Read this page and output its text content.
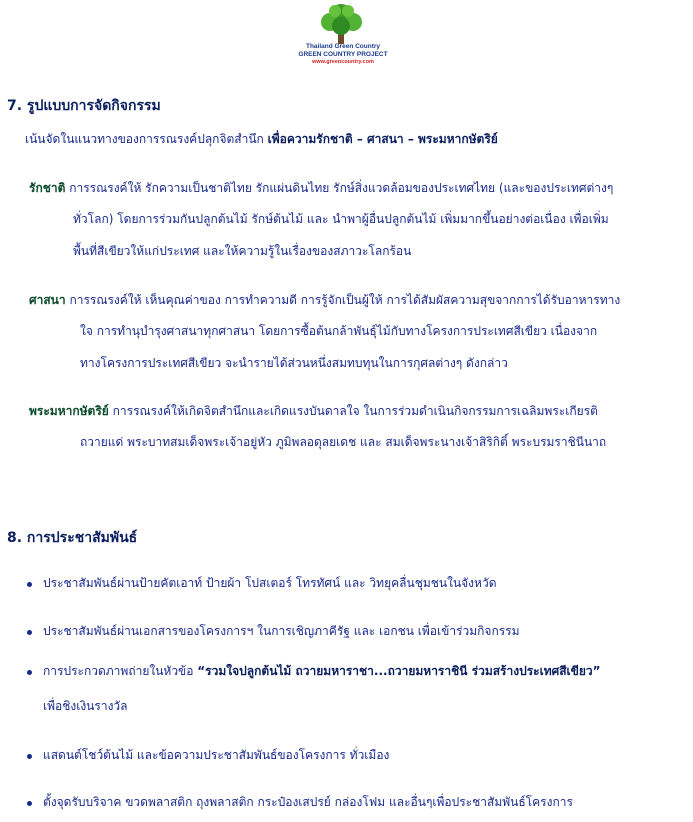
Thailand Green Country
GREEN COUNTRY PROJECT
www.greencountry.com
7. รูปแบบการจัดกิจกรรม
เน้นจัดในแนวทางของการรณรงค์ปลุกจิตสำนึก เพื่อความรักชาติ – ศาสนา – พระมหากษัตริย์
รักชาติ การรณรงค์ให้ รักความเป็นชาติไทย รักแผ่นดินไทย รักษ์สิ่งแวดล้อมของประเทศไทย (และของประเทศต่างๆ
ทั่วโลก) โดยการร่วมกันปลูกต้นไม้ รักษ์ต้นไม้ และ นำพาผู้อื่นปลูกต้นไม้ เพิ่มมากขึ้นอย่างต่อเนื่อง เพื่อเพิ่ม
พื้นที่สีเขียวให้แก่ประเทศ และให้ความรู้ในเรื่องของสภาวะโลกร้อน
ศาสนา การรณรงค์ให้ เห็นคุณค่าของ การทำความดี การรู้จักเป็นผู้ให้ การได้สัมผัสความสุขจากการได้รับอาหารทาง
ใจ การทำนุบำรุงศาสนาทุกศาสนา โดยการซื้อต้นกล้าพันธุ์ไม้กับทางโครงการประเทศสีเขียว เนื่องจาก
ทางโครงการประเทศสีเขียว จะนำรายได้ส่วนหนึ่งสมทบทุนในการกุศลต่างๆ ดังกล่าว
พระมหากษัตริย์ การรณรงค์ให้เกิดจิตสำนึกและเกิดแรงบันดาลใจ ในการร่วมดำเนินกิจกรรมการเฉลิมพระเกียรติ
ถวายแด่ พระบาทสมเด็จพระเจ้าอยู่หัว ภูมิพลอดุลยเดช และ สมเด็จพระนางเจ้าสิริกิติ์ พระบรมราชินีนาถ
8. การประชาสัมพันธ์
ประชาสัมพันธ์ผ่านป้ายคัตเอาท์ ป้ายผ้า โปสเตอร์ โทรทัศน์ และ วิทยุคลื่นชุมชนในจังหวัด
ประชาสัมพันธ์ผ่านเอกสารของโครงการฯ ในการเชิญภาคีรัฐ และ เอกชน เพื่อเข้าร่วมกิจกรรม
การประกวดภาพถ่ายในหัวข้อ “รวมใจปลูกต้นไม้ ถวายมหาราชา...ถวายมหาราชินี ร่วมสร้างประเทศสีเขียว”
เพื่อชิงเงินรางวัล
แสดนต์โชว์ต้นไม้ และข้อความประชาสัมพันธ์ของโครงการ ทั่วเมือง
ตั้งจุดรับบริจาค ขวดพลาสติก ถุงพลาสติก กระป๋องเสปรย์ กล่องโฟม และอื่นๆเพื่อประชาสัมพันธ์โครงการ
